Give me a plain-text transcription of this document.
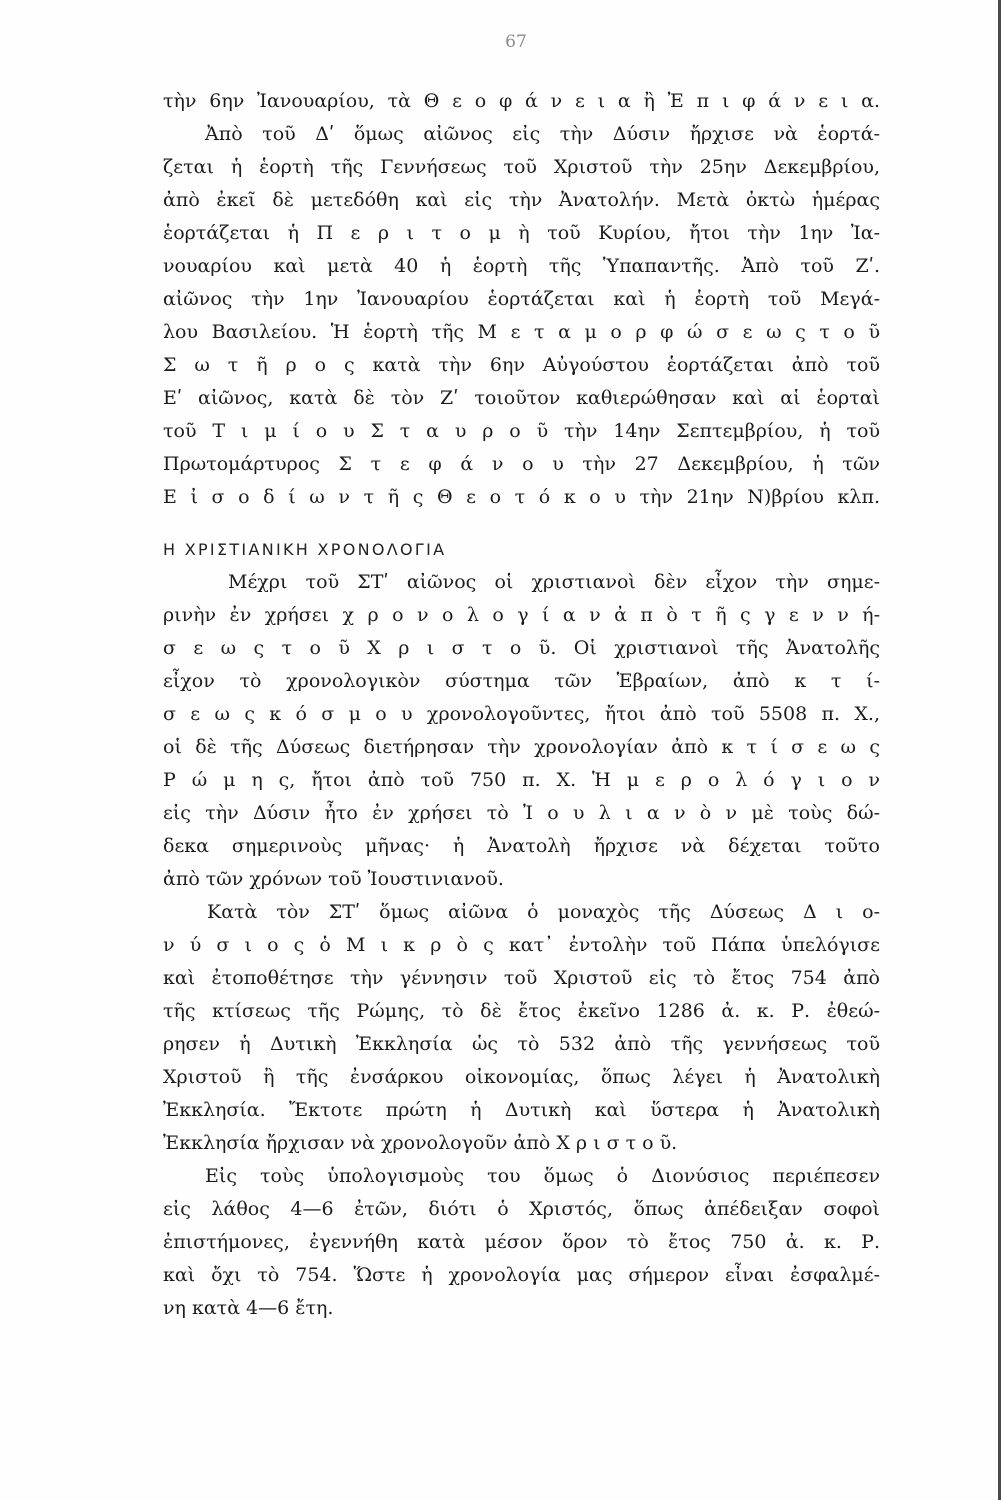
67
τὴν 6ην Ἰανουαρίου, τὰ Θ ε ο φ ά ν ε ι α ἢ Ἐ π ι φ ά ν ε ι α.
Ἀπὸ τοῦ Δʹ ὅμως αἰῶνος εἰς τὴν Δύσιν ἤρχισε νὰ ἑορτά-
ζεται ἡ ἑορτὴ τῆς Γεννήσεως τοῦ Χριστοῦ τὴν 25ην Δεκεμβρίου,
ἀπὸ ἐκεῖ δὲ μετεδόθη καὶ εἰς τὴν Ἀνατολήν. Μετὰ ὀκτὼ ἡμέρας
ἑορτάζεται ἡ Π ε ρ ι τ ο μ ὴ τοῦ Κυρίου, ἤτοι τὴν 1ην Ἰα-
νουαρίου καὶ μετὰ 40 ἡ ἑορτὴ τῆς Ὑπαπαντῆς. Ἀπὸ τοῦ Ζʹ.
αἰῶνος τὴν 1ην Ἰανουαρίου ἑορτάζεται καὶ ἡ ἑορτὴ τοῦ Μεγά-
λου Βασιλείου. Ἡ ἑορτὴ τῆς Μ ε τ α μ ο ρ φ ώ σ ε ω ς τ ο ῦ
Σ ω τ ῆ ρ ο ς κατὰ τὴν 6ην Αὐγούστου ἑορτάζεται ἀπὸ τοῦ
Εʹ αἰῶνος, κατὰ δὲ τὸν Ζʹ τοιοῦτον καθιερώθησαν καὶ αἱ ἑορταὶ
τοῦ Τ ι μ ί ο υ Σ τ α υ ρ ο ῦ τὴν 14ην Σεπτεμβρίου, ἡ τοῦ
Πρωτομάρτυρος Σ τ ε φ ά ν ο υ τὴν 27 Δεκεμβρίου, ἡ τῶν
Ε ἰ σ ο δ ί ω ν τ ῆ ς Θ ε ο τ ό κ ο υ τὴν 21ην Ν)βρίου κλπ.
Η ΧΡΙΣΤΙΑΝΙΚΗ ΧΡΟΝΟΛΟΓΙΑ
Μέχρι τοῦ ΣΤʹ αἰῶνος οἱ χριστιανοὶ δὲν εἶχον τὴν σημε-
ρινὴν ἐν χρήσει χ ρ ο ν ο λ ο γ ί α ν ἀ π ὸ τ ῆ ς γ ε ν ν ή-
σ ε ω ς τ ο ῦ Χ ρ ι σ τ ο ῦ. Οἱ χριστιανοὶ τῆς Ἀνατολῆς
εἶχον τὸ χρονολογικὸν σύστημα τῶν Ἑβραίων, ἀπὸ κ τ ί-
σ ε ω ς κ ό σ μ ο υ χρονολογοῦντες, ἤτοι ἀπὸ τοῦ 5508 π. Χ.,
οἱ δὲ τῆς Δύσεως διετήρησαν τὴν χρονολογίαν ἀπὸ κ τ ί σ ε ω ς
Ρ ώ μ η ς, ἤτοι ἀπὸ τοῦ 750 π. Χ. Ἡ μ ε ρ ο λ ό γ ι ο ν
εἰς τὴν Δύσιν ἦτο ἐν χρήσει τὸ Ἰ ο υ λ ι α ν ὸ ν μὲ τοὺς δώ-
δεκα σημερινοὺς μῆνας· ἡ Ἀνατολὴ ἤρχισε νὰ δέχεται τοῦτο
ἀπὸ τῶν χρόνων τοῦ Ἰουστινιανοῦ.
Κατὰ τὸν ΣΤʹ ὅμως αἰῶνα ὁ μοναχὸς τῆς Δύσεως Δ ι ο-
ν ύ σ ι ο ς ὁ Μ ι κ ρ ὸ ς κατ᾽ ἐντολὴν τοῦ Πάπα ὑπελόγισε
καὶ ἐτοποθέτησε τὴν γέννησιν τοῦ Χριστοῦ εἰς τὸ ἔτος 754 ἀπὸ
τῆς κτίσεως τῆς Ρώμης, τὸ δὲ ἔτος ἐκεῖνο 1286 ἀ. κ. Ρ. ἐθεώ-
ρησεν ἡ Δυτικὴ Ἐκκλησία ὡς τὸ 532 ἀπὸ τῆς γεννήσεως τοῦ
Χριστοῦ ἢ τῆς ἐνσάρκου οἰκονομίας, ὅπως λέγει ἡ Ἀνατολικὴ
Ἐκκλησία. Ἔκτοτε πρώτη ἡ Δυτικὴ καὶ ὕστερα ἡ Ἀνατολικὴ
Ἐκκλησία ἤρχισαν νὰ χρονολογοῦν ἀπὸ Χ ρ ι σ τ ο ῦ.
Εἰς τοὺς ὑπολογισμοὺς του ὅμως ὁ Διονύσιος περιέπεσεν
εἰς λάθος 4—6 ἐτῶν, διότι ὁ Χριστός, ὅπως ἀπέδειξαν σοφοὶ
ἐπιστήμονες, ἐγεννήθη κατὰ μέσον ὅρον τὸ ἔτος 750 ἀ. κ. Ρ.
καὶ ὄχι τὸ 754. Ὥστε ἡ χρονολογία μας σήμερον εἶναι ἐσφαλμέ-
νη κατὰ 4—6 ἔτη.
